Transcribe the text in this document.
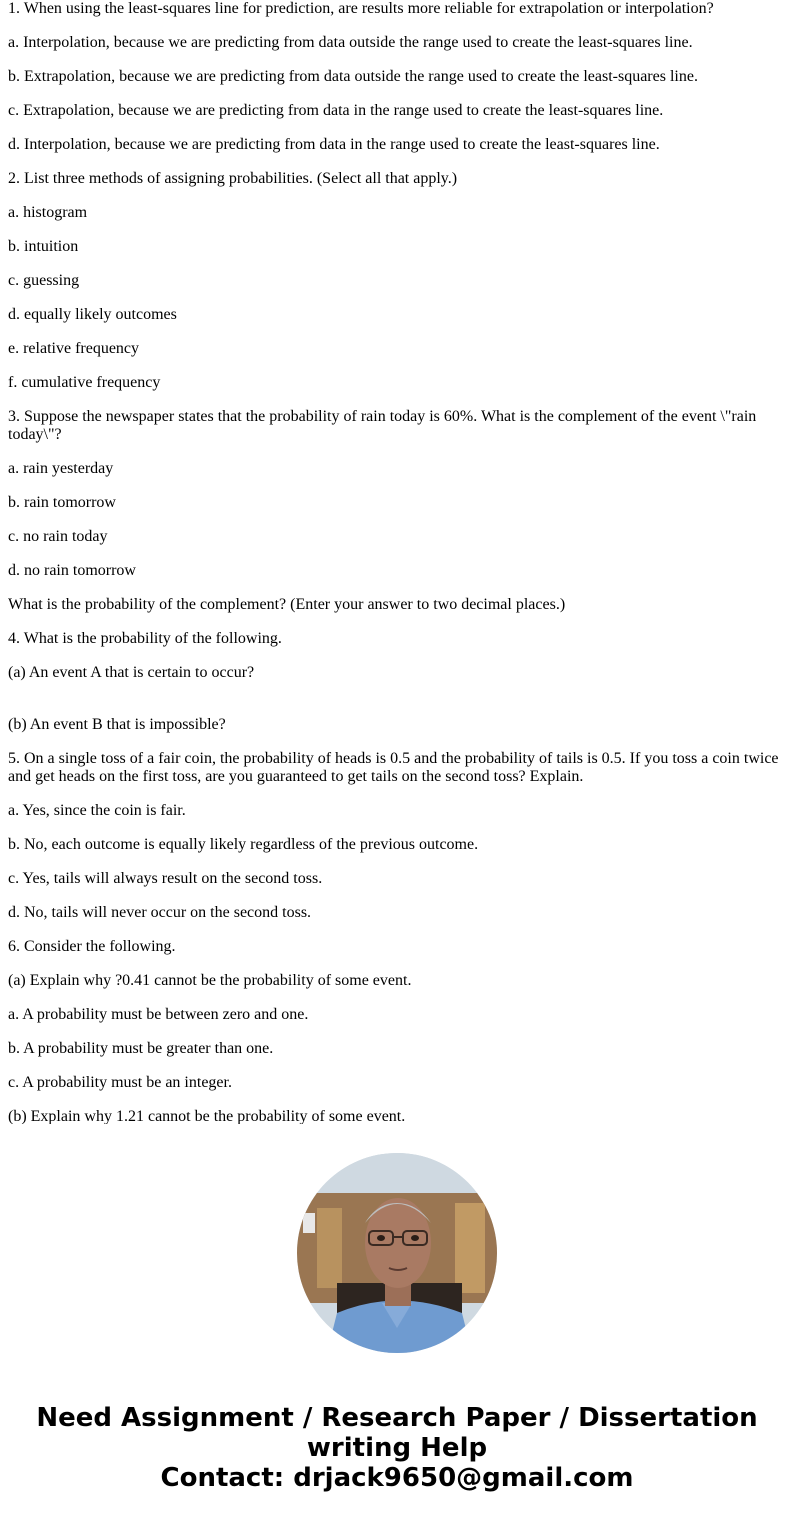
1. When using the least-squares line for prediction, are results more reliable for extrapolation or interpolation?

a. Interpolation, because we are predicting from data outside the range used to create the least-squares line.

b. Extrapolation, because we are predicting from data outside the range used to create the least-squares line.

c. Extrapolation, because we are predicting from data in the range used to create the least-squares line.

d. Interpolation, because we are predicting from data in the range used to create the least-squares line.

2. List three methods of assigning probabilities. (Select all that apply.)

a. histogram

b. intuition

c. guessing

d. equally likely outcomes

e. relative frequency

f. cumulative frequency

3. Suppose the newspaper states that the probability of rain today is 60%. What is the complement of the event \"rain today\"?

a. rain yesterday

b. rain tomorrow

c. no rain today

d. no rain tomorrow

What is the probability of the complement? (Enter your answer to two decimal places.)

4. What is the probability of the following.

(a) An event A that is certain to occur?

(b) An event B that is impossible?

5. On a single toss of a fair coin, the probability of heads is 0.5 and the probability of tails is 0.5. If you toss a coin twice and get heads on the first toss, are you guaranteed to get tails on the second toss? Explain.

a. Yes, since the coin is fair.

b. No, each outcome is equally likely regardless of the previous outcome.

c. Yes, tails will always result on the second toss.

d. No, tails will never occur on the second toss.

6. Consider the following.

(a) Explain why ?0.41 cannot be the probability of some event.

a. A probability must be between zero and one.

b. A probability must be greater than one.

c. A probability must be an integer.

(b) Explain why 1.21 cannot be the probability of some event.

Need Assignment / Research Paper / Dissertation
writing Help
Contact: drjack9650@gmail.com
